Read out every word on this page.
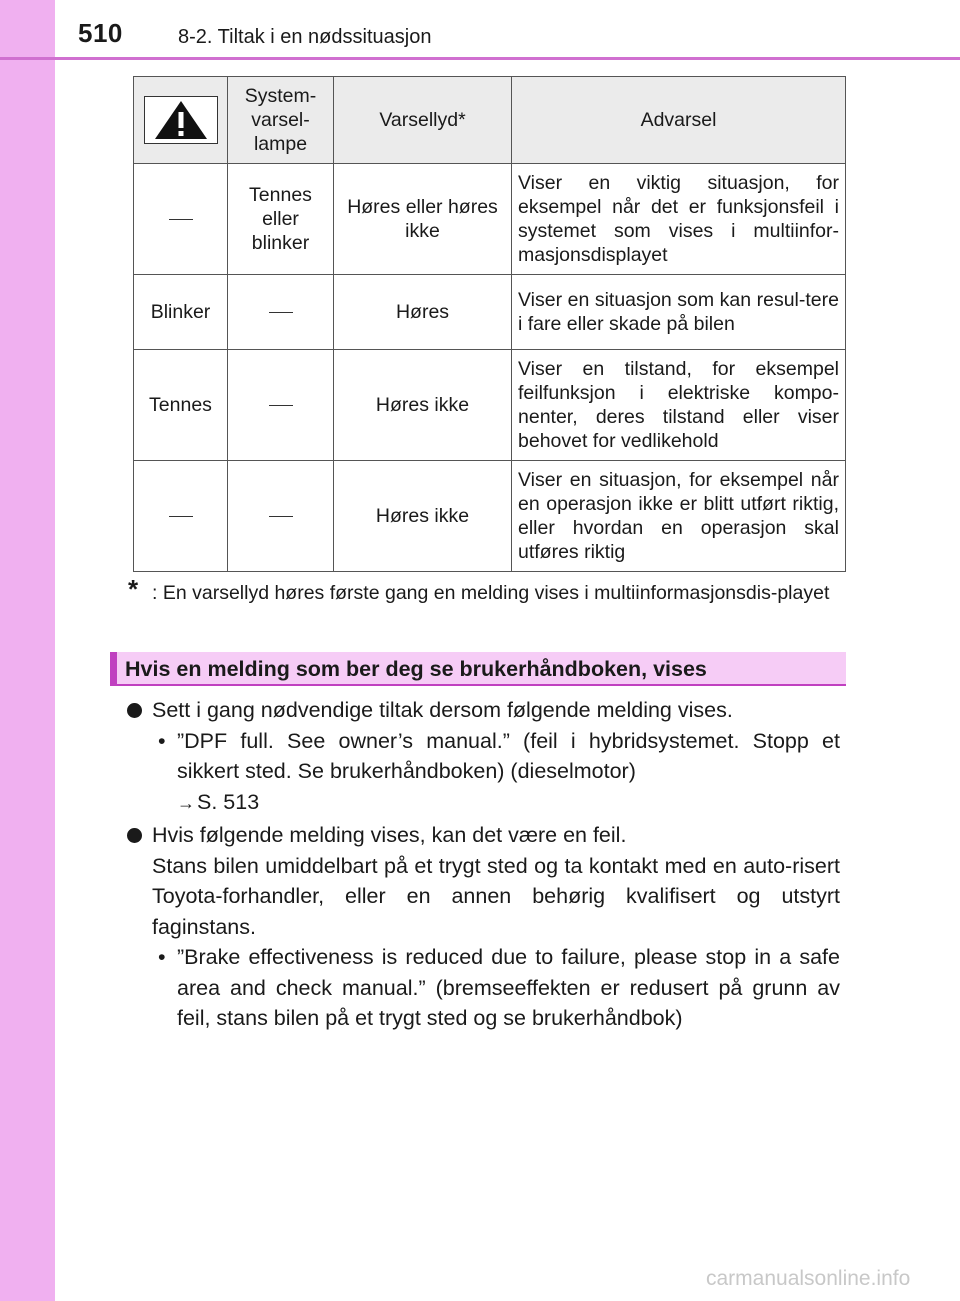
510	8-2. Tiltak i en nødssituasjon
	System-
varsel-
lampe	Varsellyd*	Advarsel
	Tennes
eller
blinker	Høres eller høres ikke	Viser en viktig situasjon, for eksempel når det er funksjonsfeil i systemet som vises i multiinfor-masjonsdisplayet
Blinker		Høres	Viser en situasjon som kan resul-tere i fare eller skade på bilen
Tennes		Høres ikke	Viser en tilstand, for eksempel feilfunksjon i elektriske kompo-nenter, deres tilstand eller viser behovet for vedlikehold
		Høres ikke	Viser en situasjon, for eksempel når en operasjon ikke er blitt utført riktig, eller hvordan en operasjon skal utføres riktig
* : En varsellyd høres første gang en melding vises i multiinformasjonsdis-playet
Hvis en melding som ber deg se brukerhåndboken, vises
Sett i gang nødvendige tiltak dersom følgende melding vises.
• ”DPF full. See owner’s manual.” (feil i hybridsystemet. Stopp et sikkert sted. Se brukerhåndboken) (dieselmotor)
→S. 513
Hvis følgende melding vises, kan det være en feil.
Stans bilen umiddelbart på et trygt sted og ta kontakt med en auto-risert Toyota-forhandler, eller en annen behørig kvalifisert og utstyrt faginstans.
• ”Brake effectiveness is reduced due to failure, please stop in a safe area and check manual.” (bremseeffekten er redusert på grunn av feil, stans bilen på et trygt sted og se brukerhåndbok)
carmanualsonline.info
